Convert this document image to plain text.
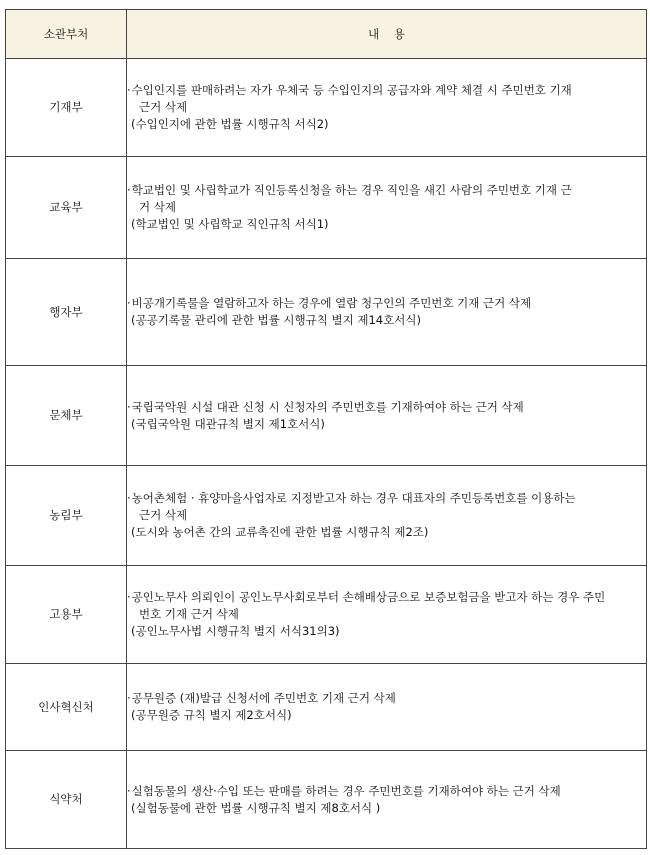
소관부처	내    용
기재부	·수입인지를 판매하려는 자가 우체국 등 수입인지의 공급자와 계약 체결 시 주민번호 기재
근거 삭제
(수입인지에 관한 법률 시행규칙 서식2)

교육부	·학교법인 및 사립학교가 직인등록신청을 하는 경우 직인을 새긴 사람의 주민번호 기재 근
거 삭제
(학교법인 및 사립학교 직인규칙 서식1)

행자부	·비공개기록물을 열람하고자 하는 경우에 열람 청구인의 주민번호 기재 근거 삭제
(공공기록물 관리에 관한 법률 시행규칙 별지 제14호서식)

문체부	·국립국악원 시설 대관 신청 시 신청자의 주민번호를 기재하여야 하는 근거 삭제
(국립국악원 대관규칙 별지 제1호서식)

농림부	·농어촌체험 · 휴양마을사업자로 지정받고자 하는 경우 대표자의 주민등록번호를 이용하는
근거 삭제
(도시와 농어촌 간의 교류촉진에 관한 법률 시행규칙 제2조)

고용부	·공인노무사 의뢰인이 공인노무사회로부터 손해배상금으로 보증보험금을 받고자 하는 경우 주민
번호 기재 근거 삭제
(공인노무사법 시행규칙 별지 서식31의3)

인사혁신처	·공무원증 (재)발급 신청서에 주민번호 기재 근거 삭제
(공무원증 규칙 별지 제2호서식)

식약처	·실험동물의 생산·수입 또는 판매를 하려는 경우 주민번호를 기재하여야 하는 근거 삭제
(실험동물에 관한 법률 시행규칙 별지 제8호서식 )
